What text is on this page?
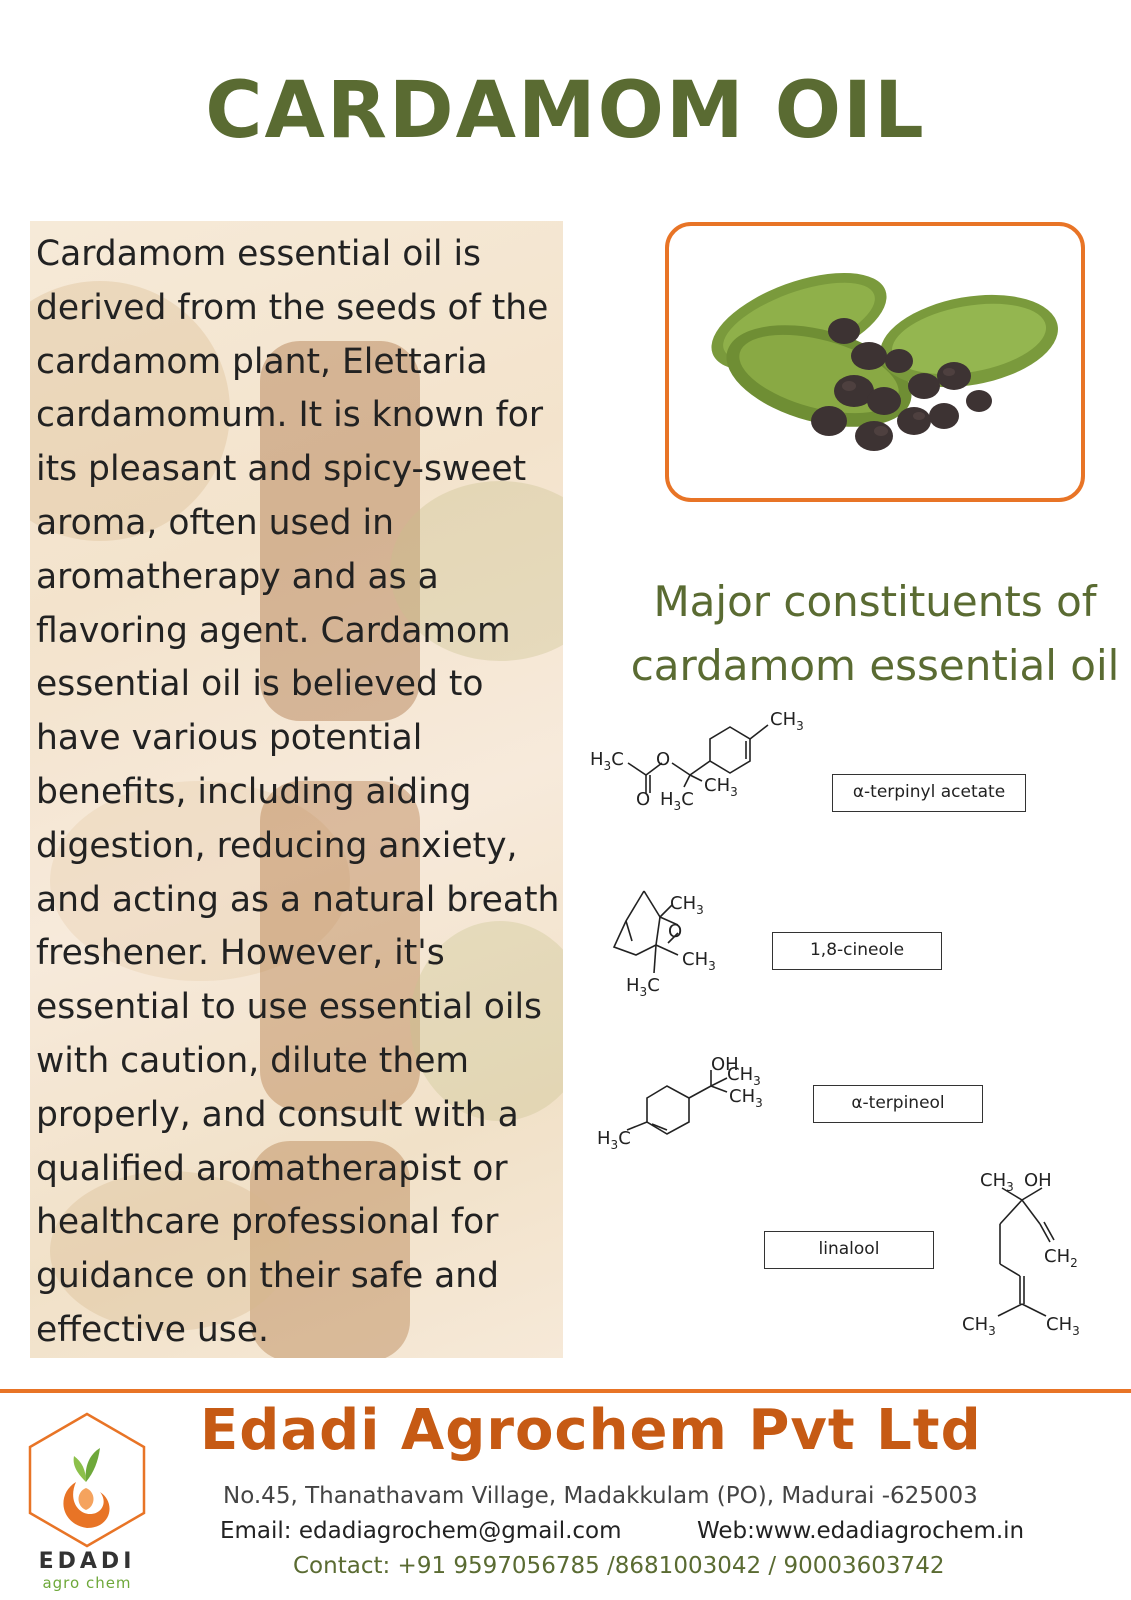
CARDAMOM OIL

Cardamom essential oil is derived from the seeds of the cardamom plant, Elettaria cardamomum. It is known for its pleasant and spicy-sweet aroma, often used in aromatherapy and as a flavoring agent. Cardamom essential oil is believed to have various potential benefits, including aiding digestion, reducing anxiety, and acting as a natural breath freshener. However, it's essential to use essential oils with caution, dilute them properly, and consult with a qualified aromatherapist or healthcare professional for guidance on their safe and effective use.

Major constituents of cardamom essential oil
$H_3C$ O
O $H_3C$
$CH_3$
$CH_3$
α-terpinyl acetate
$CH_3$
O
$CH_3$
$H_3C$
1,8-cineole
OH
$CH_3$
$CH_3$
$H_3C$
α-terpineol
$CH_3$ OH
$CH_2$
$CH_3$	$CH_3$
linalool
EDADI
agro chem
Edadi Agrochem Pvt Ltd
No.45, Thanathavam Village, Madakkulam (PO), Madurai -625003
Email: edadiagrochem@gmail.com	Web:www.edadiagrochem.in
Contact: +91 9597056785 /8681003042 / 90003603742
